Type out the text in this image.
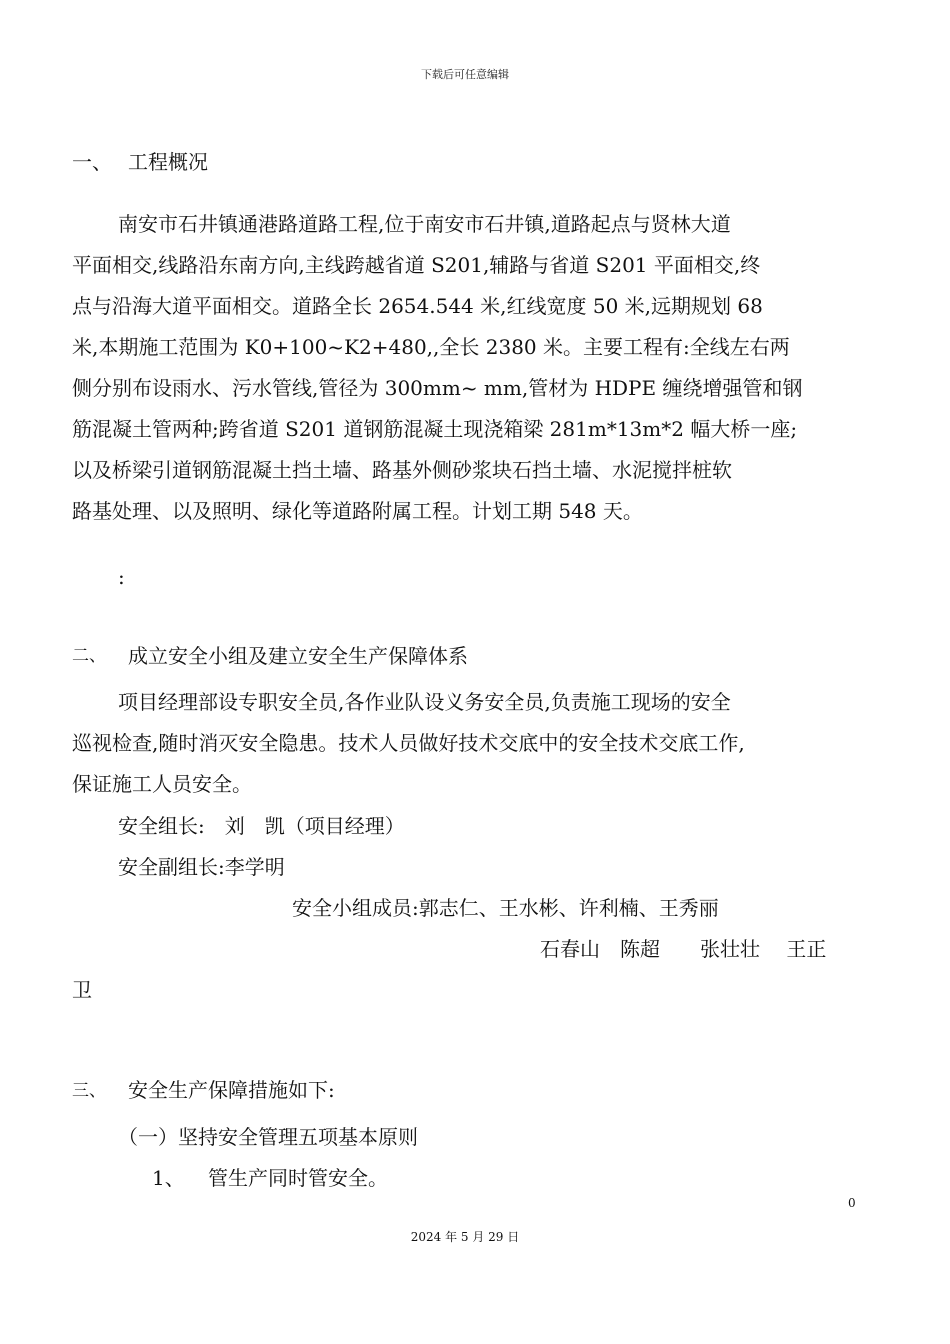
下载后可任意编辑
一、 工程概况
南安市石井镇通港路道路工程,位于南安市石井镇,道路起点与贤林大道
平面相交,线路沿东南方向,主线跨越省道 S201,辅路与省道 S201 平面相交,终
点与沿海大道平面相交。道路全长 2654.544 米,红线宽度 50 米,远期规划 68
米,本期施工范围为 K0+100~K2+480,,全长 2380 米。主要工程有:全线左右两
侧分别布设雨水、污水管线,管径为 300mm~ mm,管材为 HDPE 缠绕增强管和钢
筋混凝土管两种;跨省道 S201 道钢筋混凝土现浇箱梁 281m*13m*2 幅大桥一座;
以及桥梁引道钢筋混凝土挡土墙、路基外侧砂浆块石挡土墙、水泥搅拌桩软
路基处理、以及照明、绿化等道路附属工程。计划工期 548 天。
:
二、 成立安全小组及建立安全生产保障体系
项目经理部设专职安全员,各作业队设义务安全员,负责施工现场的安全
巡视检查,随时消灭安全隐患。技术人员做好技术交底中的安全技术交底工作,
保证施工人员安全。
安全组长:　刘　凯（项目经理）
安全副组长:李学明
安全小组成员:郭志仁、王水彬、许利楠、王秀丽
石春山　陈超　　张壮壮　 王正
卫
三、 安全生产保障措施如下:
（一）坚持安全管理五项基本原则
1、 管生产同时管安全。
0
2024 年 5 月 29 日
